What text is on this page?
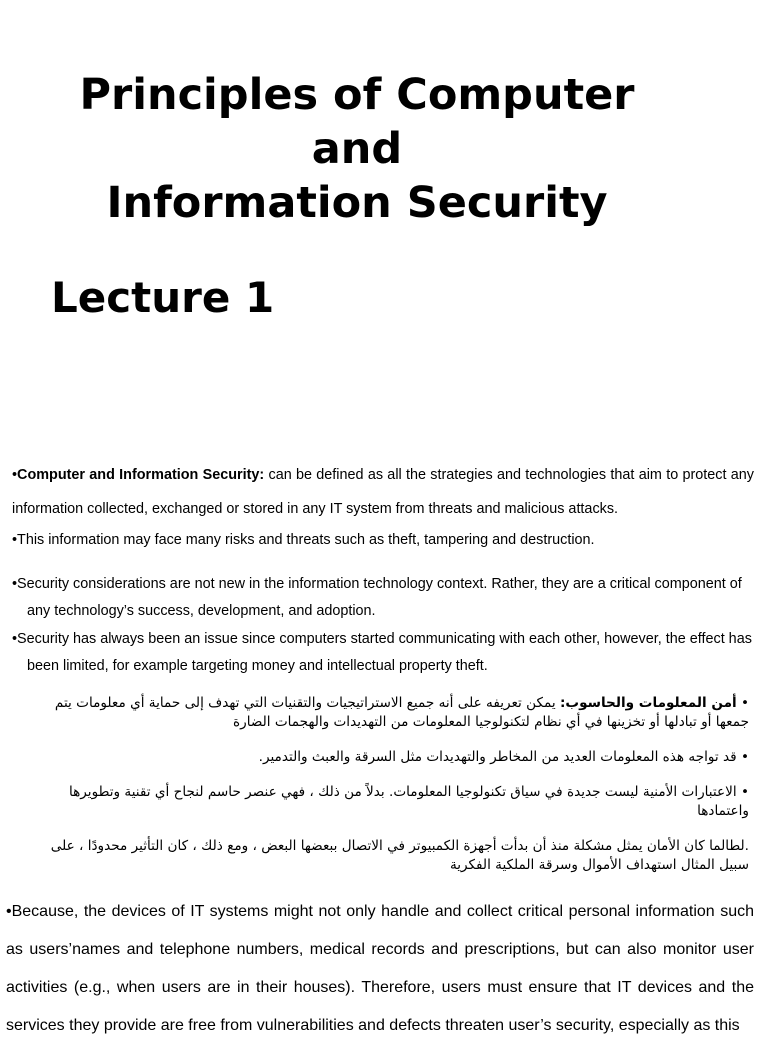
Principles of Computer
and
Information Security
Lecture 1

•Computer and Information Security: can be defined as all the strategies and technologies that aim to protect any information collected, exchanged or stored in any IT system from threats and malicious attacks.

•This information may face many risks and threats such as theft, tampering and destruction.

•Security considerations are not new in the information technology context. Rather, they are a critical component of
any technology’s success, development, and adoption.

•Security has always been an issue since computers started communicating with each other, however, the effect has
been limited, for example targeting money and intellectual property theft.

• أمن المعلومات والحاسوب: يمكن تعريفه على أنه جميع الاستراتيجيات والتقنيات التي تهدف إلى حماية أي معلومات يتم جمعها أو تبادلها أو تخزينها في أي نظام لتكنولوجيا المعلومات من التهديدات والهجمات الضارة

• قد تواجه هذه المعلومات العديد من المخاطر والتهديدات مثل السرقة والعبث والتدمير.

• الاعتبارات الأمنية ليست جديدة في سياق تكنولوجيا المعلومات. بدلاً من ذلك ، فهي عنصر حاسم لنجاح أي تقنية وتطويرها واعتمادها

.لطالما كان الأمان يمثل مشكلة منذ أن بدأت أجهزة الكمبيوتر في الاتصال ببعضها البعض ، ومع ذلك ، كان التأثير محدودًا ، على سبيل المثال استهداف الأموال وسرقة الملكية الفكرية

•Because, the devices of IT systems might not only handle and collect critical personal information such as users’names and telephone numbers, medical records and prescriptions, but can also monitor user activities (e.g., when users are in their houses). Therefore, users must ensure that IT devices and the services they provide are free from vulnerabilities and defects threaten user’s security, especially as this
